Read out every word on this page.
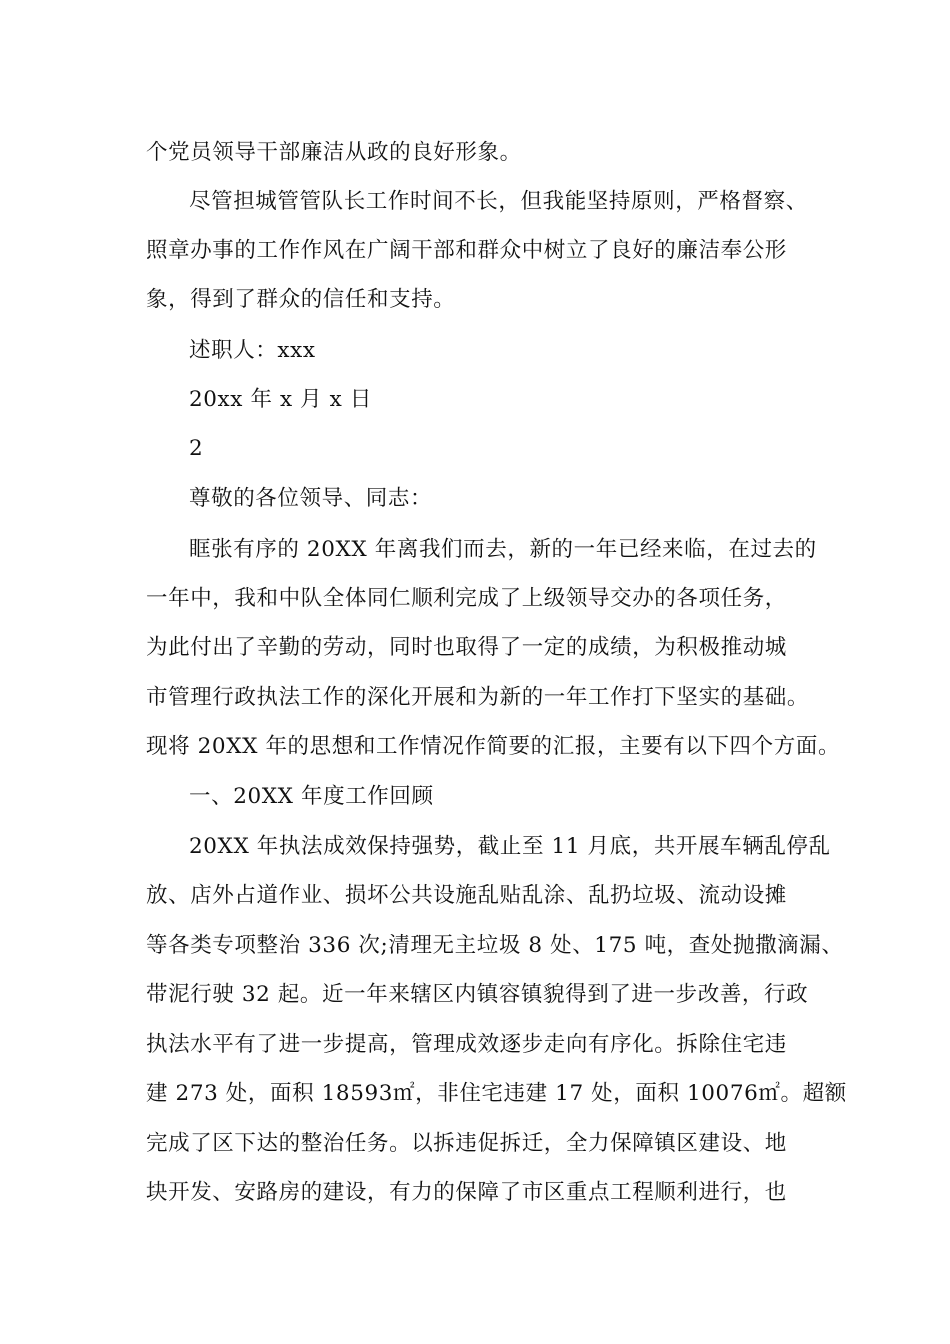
个党员领导干部廉洁从政的良好形象。
尽管担城管管队长工作时间不长，但我能坚持原则，严格督察、
照章办事的工作作风在广阔干部和群众中树立了良好的廉洁奉公形
象，得到了群众的信任和支持。
述职人：xxx
20xx 年 x 月 x 日
2
尊敬的各位领导、同志：
眶张有序的 20XX 年离我们而去，新的一年已经来临，在过去的
一年中，我和中队全体同仁顺利完成了上级领导交办的各项任务，
为此付出了辛勤的劳动，同时也取得了一定的成绩，为积极推动城
市管理行政执法工作的深化开展和为新的一年工作打下坚实的基础。
现将 20XX 年的思想和工作情况作简要的汇报，主要有以下四个方面。
一、20XX 年度工作回顾
20XX 年执法成效保持强势，截止至 11 月底，共开展车辆乱停乱
放、店外占道作业、损坏公共设施乱贴乱涂、乱扔垃圾、流动设摊
等各类专项整治 336 次;清理无主垃圾 8 处、175 吨，查处抛撒滴漏、
带泥行驶 32 起。近一年来辖区内镇容镇貌得到了进一步改善，行政
执法水平有了进一步提高，管理成效逐步走向有序化。拆除住宅违
建 273 处，面积 18593㎡，非住宅违建 17 处，面积 10076㎡。超额
完成了区下达的整治任务。以拆违促拆迁，全力保障镇区建设、地
块开发、安路房的建设，有力的保障了市区重点工程顺利进行，也
